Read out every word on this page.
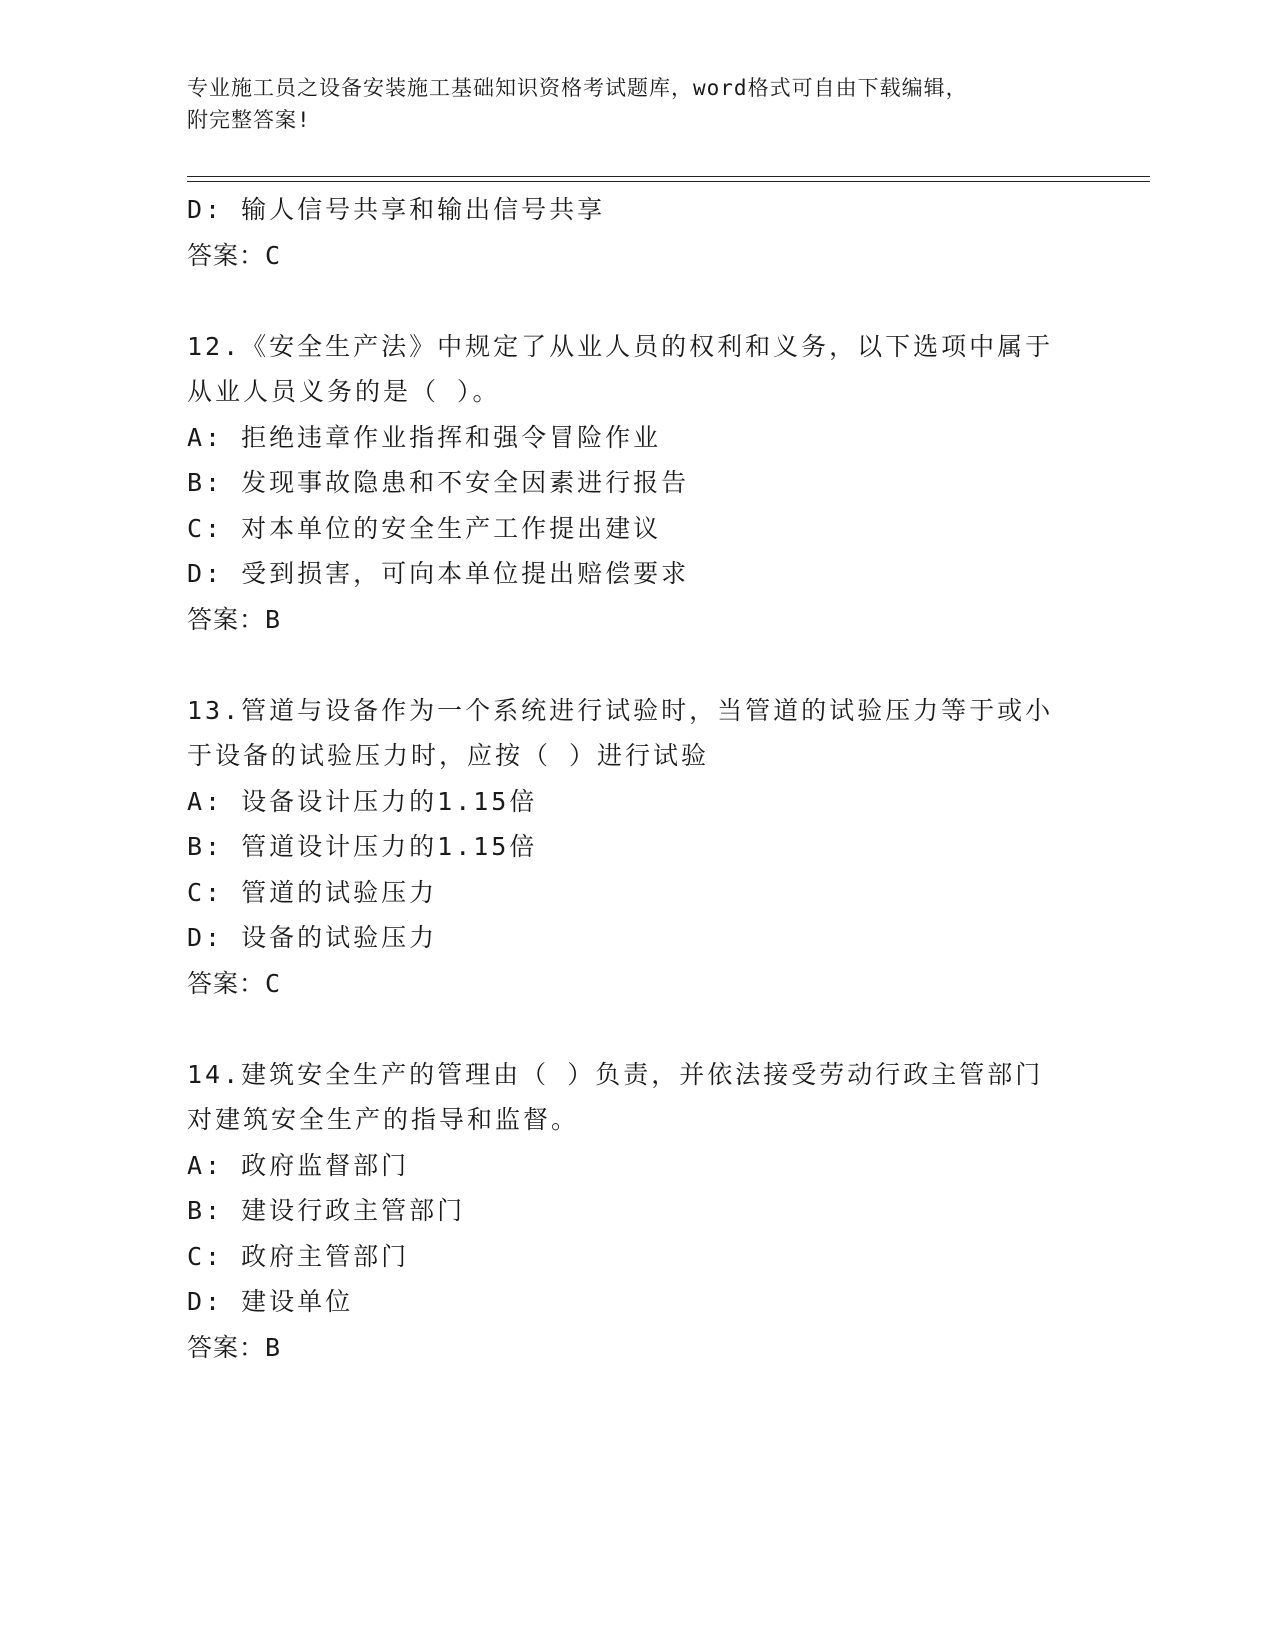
专业施工员之设备安装施工基础知识资格考试题库，word格式可自由下载编辑，
附完整答案!

D: 输人信号共享和输出信号共享

答案：C

12.《安全生产法》中规定了从业人员的权利和义务，以下选项中属于

从业人员义务的是（ ）。

A: 拒绝违章作业指挥和强令冒险作业

B: 发现事故隐患和不安全因素进行报告

C: 对本单位的安全生产工作提出建议

D: 受到损害，可向本单位提出赔偿要求

答案：B

13.管道与设备作为一个系统进行试验时，当管道的试验压力等于或小

于设备的试验压力时，应按（ ）进行试验

A: 设备设计压力的1.15倍

B: 管道设计压力的1.15倍

C: 管道的试验压力

D: 设备的试验压力

答案：C

14.建筑安全生产的管理由（ ）负责，并依法接受劳动行政主管部门

对建筑安全生产的指导和监督。

A: 政府监督部门

B: 建设行政主管部门

C: 政府主管部门

D: 建设单位

答案：B
